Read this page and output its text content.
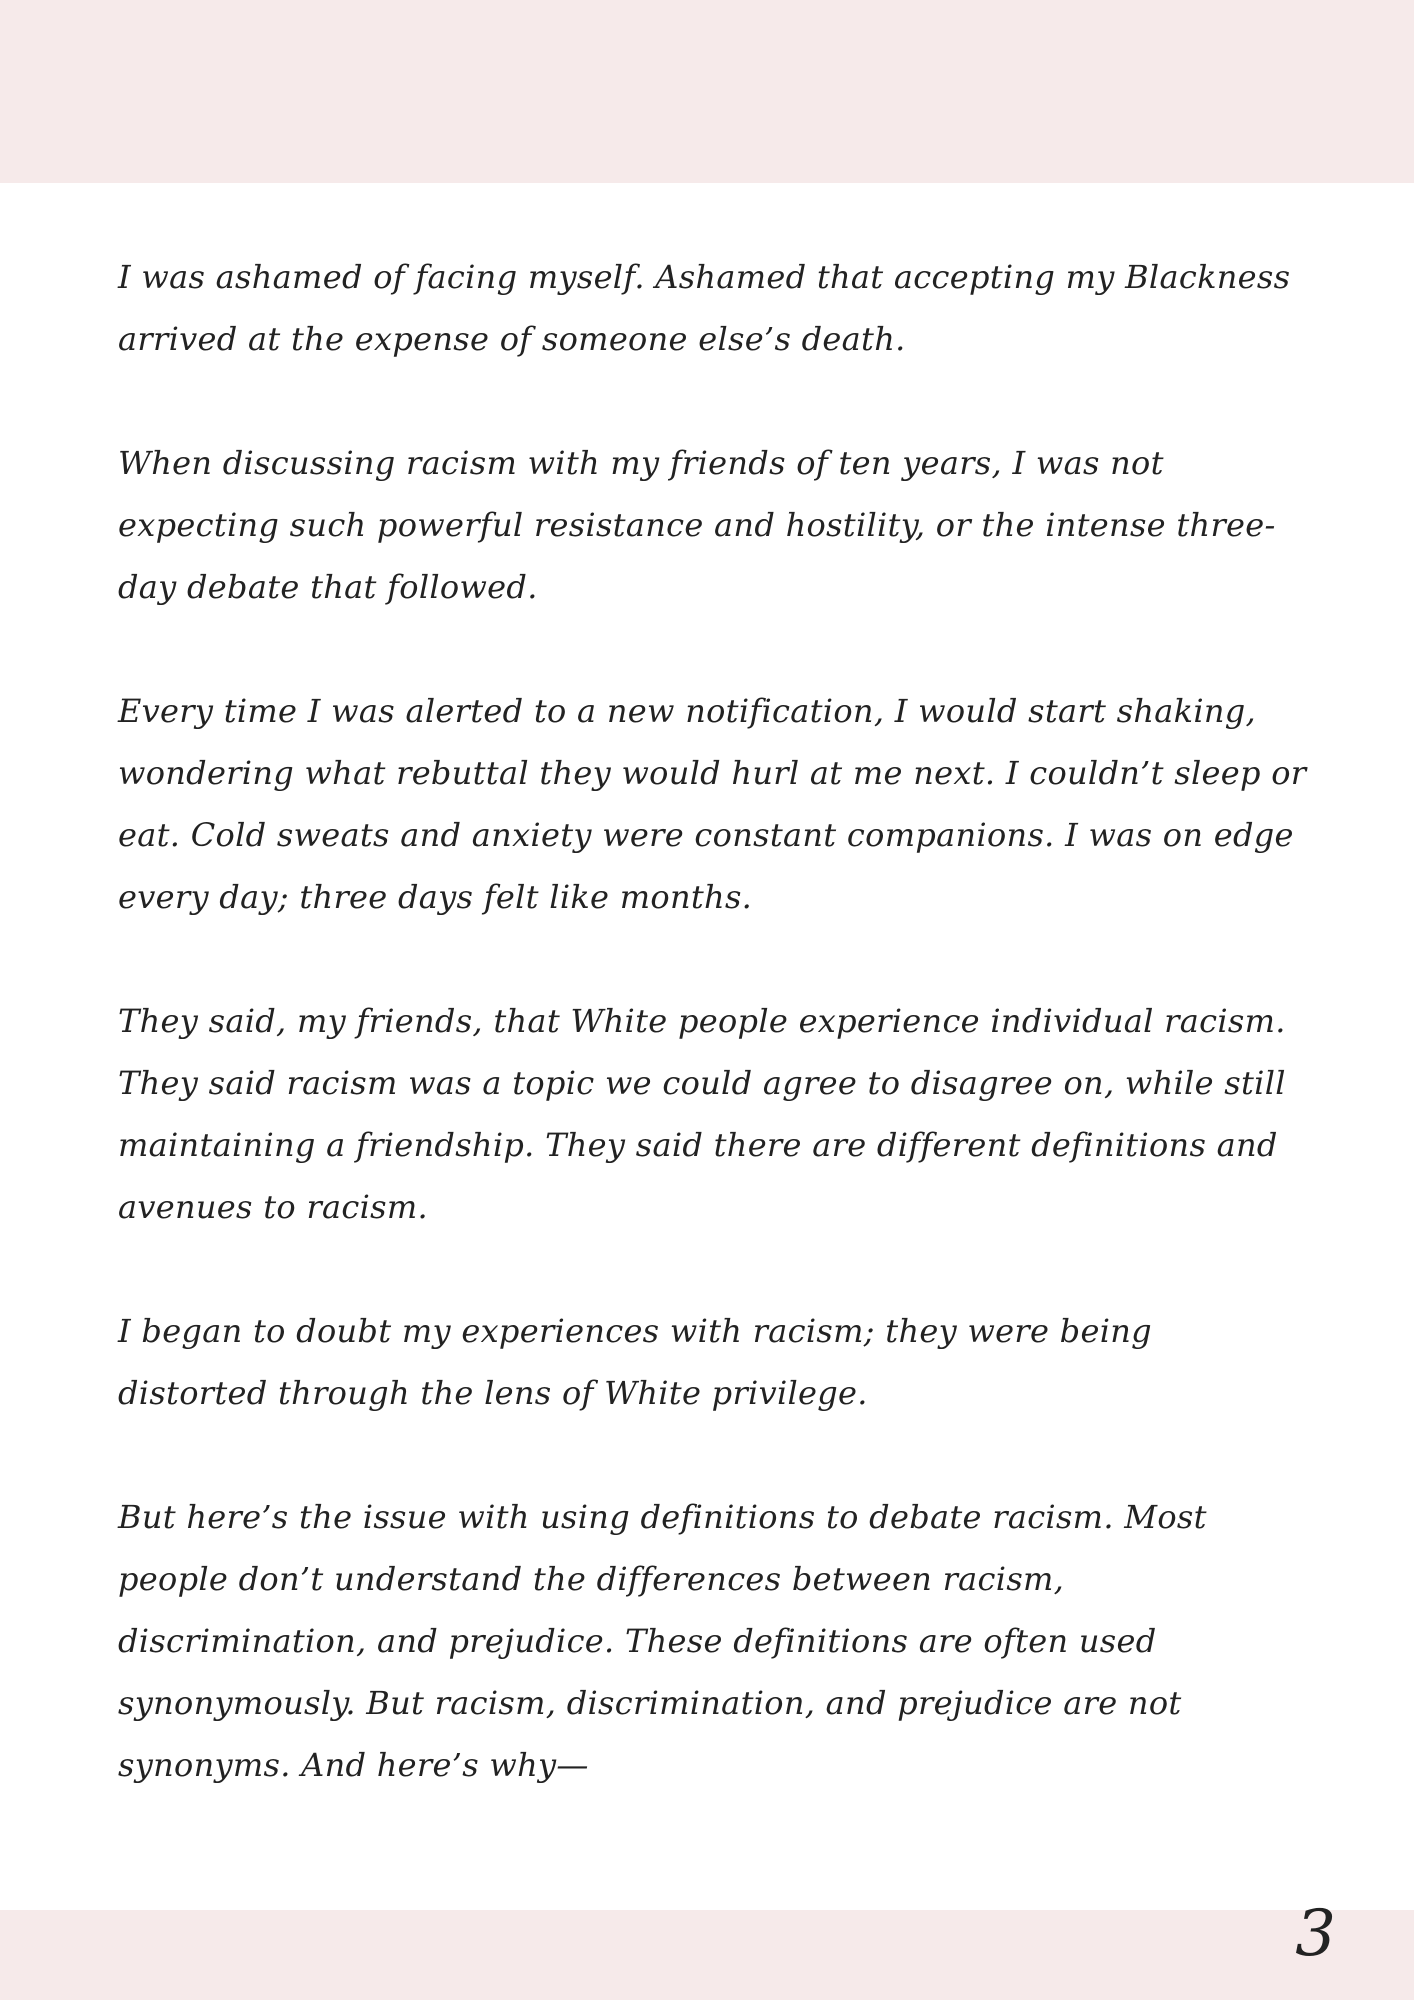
I was ashamed of facing myself. Ashamed that accepting my Blackness arrived at the expense of someone else’s death.

When discussing racism with my friends of ten years, I was not expecting such powerful resistance and hostility, or the intense three-day debate that followed.

Every time I was alerted to a new notification, I would start shaking, wondering what rebuttal they would hurl at me next. I couldn’t sleep or eat. Cold sweats and anxiety were constant companions. I was on edge every day; three days felt like months.

They said, my friends, that White people experience individual racism. They said racism was a topic we could agree to disagree on, while still maintaining a friendship. They said there are different definitions and avenues to racism.

I began to doubt my experiences with racism; they were being distorted through the lens of White privilege.

But here’s the issue with using definitions to debate racism. Most people don’t understand the differences between racism, discrimination, and prejudice. These definitions are often used synonymously. But racism, discrimination, and prejudice are not synonyms. And here’s why—

3
